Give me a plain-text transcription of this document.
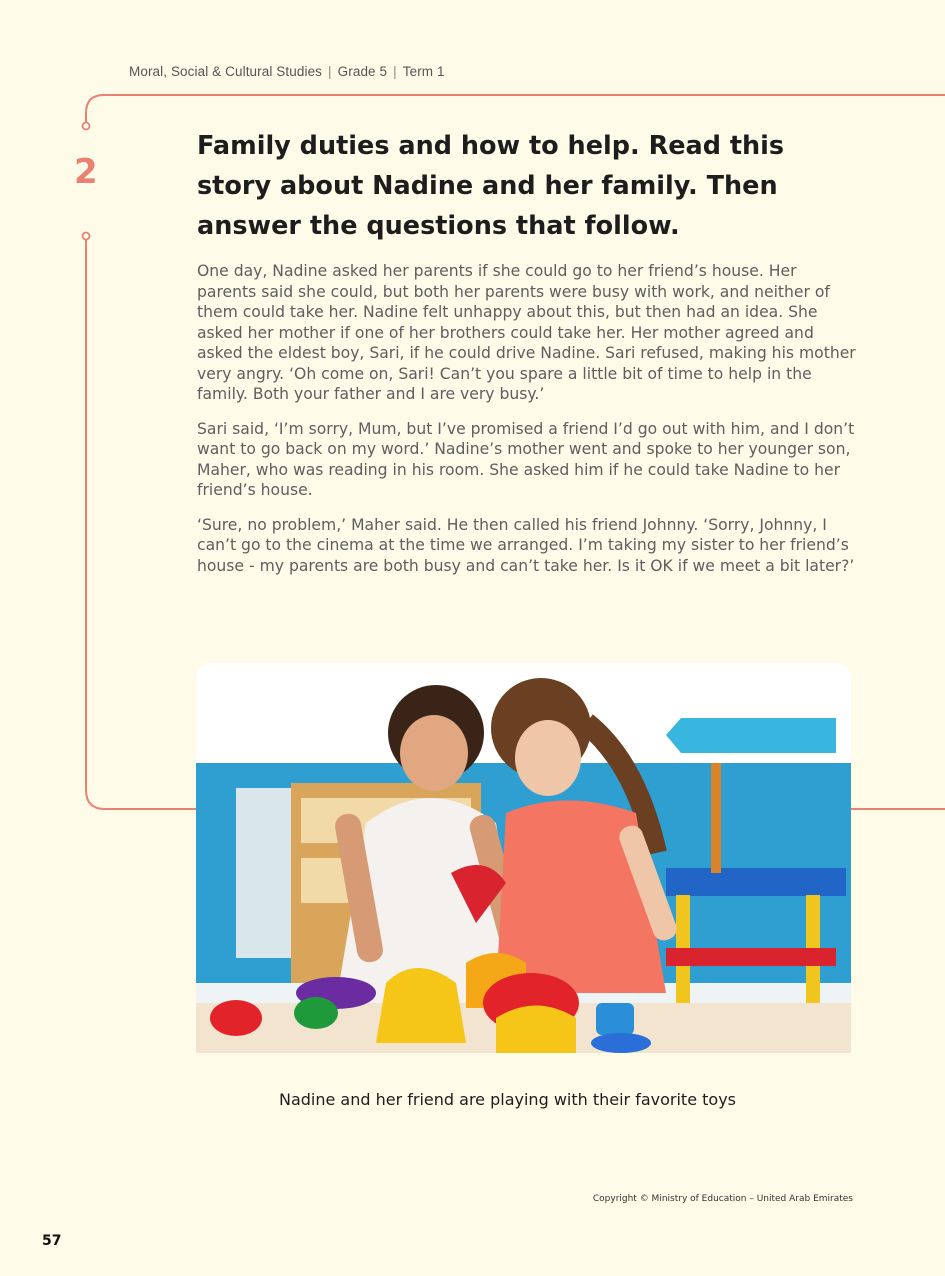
Moral, Social & Cultural Studies | Grade 5 | Term 1
2
Family duties and how to help. Read this story about Nadine and her family. Then answer the questions that follow.

One day, Nadine asked her parents if she could go to her friend’s house. Her parents said she could, but both her parents were busy with work, and neither of them could take her. Nadine felt unhappy about this, but then had an idea. She asked her mother if one of her brothers could take her. Her mother agreed and asked the eldest boy, Sari, if he could drive Nadine. Sari refused, making his mother very angry. ‘Oh come on, Sari! Can’t you spare a little bit of time to help in the family. Both your father and I are very busy.’

Sari said, ‘I’m sorry, Mum, but I’ve promised a friend I’d go out with him, and I don’t want to go back on my word.’ Nadine’s mother went and spoke to her younger son, Maher, who was reading in his room. She asked him if he could take Nadine to her friend’s house.

‘Sure, no problem,’ Maher said. He then called his friend Johnny. ‘Sorry, Johnny, I can’t go to the cinema at the time we arranged. I’m taking my sister to her friend’s house - my parents are both busy and can’t take her. Is it OK if we meet a bit later?’

Nadine and her friend are playing with their favorite toys
Copyright © Ministry of Education – United Arab Emirates
57
